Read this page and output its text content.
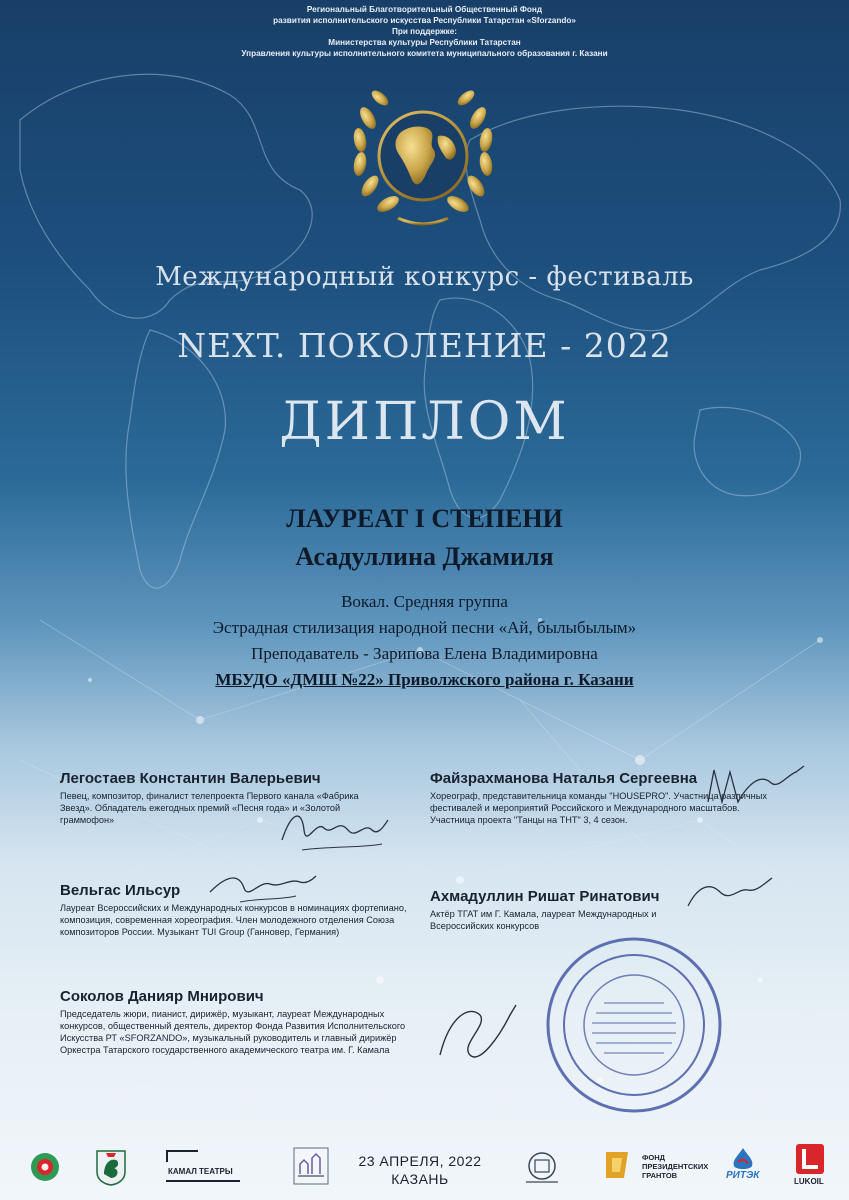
Региональный Благотворительный Общественный Фонд
развития исполнительского искусства Республики Татарстан «Sforzando»
При поддержке:
Министерства культуры Республики Татарстан
Управления культуры исполнительного комитета муниципального образования г. Казани
Международный конкурс - фестиваль
NEXT. ПОКОЛЕНИЕ - 2022
ДИПЛОМ
ЛАУРЕАТ I СТЕПЕНИ
Асадуллина Джамиля
Вокал. Средняя группа
Эстрадная стилизация народной песни «Ай, былыбылым»
Преподаватель - Зарипова Елена Владимировна
МБУДО «ДМШ №22» Приволжского района г. Казани
Легостаев Константин Валерьевич
Певец, композитор, финалист телепроекта Первого канала «Фабрика Звезд». Обладатель ежегодных премий «Песня года» и «Золотой граммофон»
Файзрахманова Наталья Сергеевна
Хореограф, представительница команды "HOUSEPRO". Участница различных фестивалей и мероприятий Российского и Международного масштабов. Участница проекта "Танцы на ТНТ" 3, 4 сезон.
Вельгас Ильсур
Лауреат Всероссийских и Международных конкурсов в номинациях фортепиано, композиция, современная хореография. Член молодежного отделения Союза композиторов России. Музыкант TUI Group (Ганновер, Германия)
Ахмадуллин Ришат Ринатович
Актёр ТГАТ им Г. Камала, лауреат Международных и Всероссийских конкурсов
Соколов Данияр Мнирович
Председатель жюри, пианист, дирижёр, музыкант, лауреат Международных конкурсов, общественный деятель, директор Фонда Развития Исполнительского Искусства РТ «SFORZANDO», музыкальный руководитель и главный дирижёр Оркестра Татарского государственного академического театра им. Г. Камала
23 АПРЕЛЯ, 2022
КАЗАНЬ
КАМАЛ ТЕАТРЫ
ФОНД
ПРЕЗИДЕНТСКИХ
ГРАНТОВ	РИТЭК
LUKOIL
